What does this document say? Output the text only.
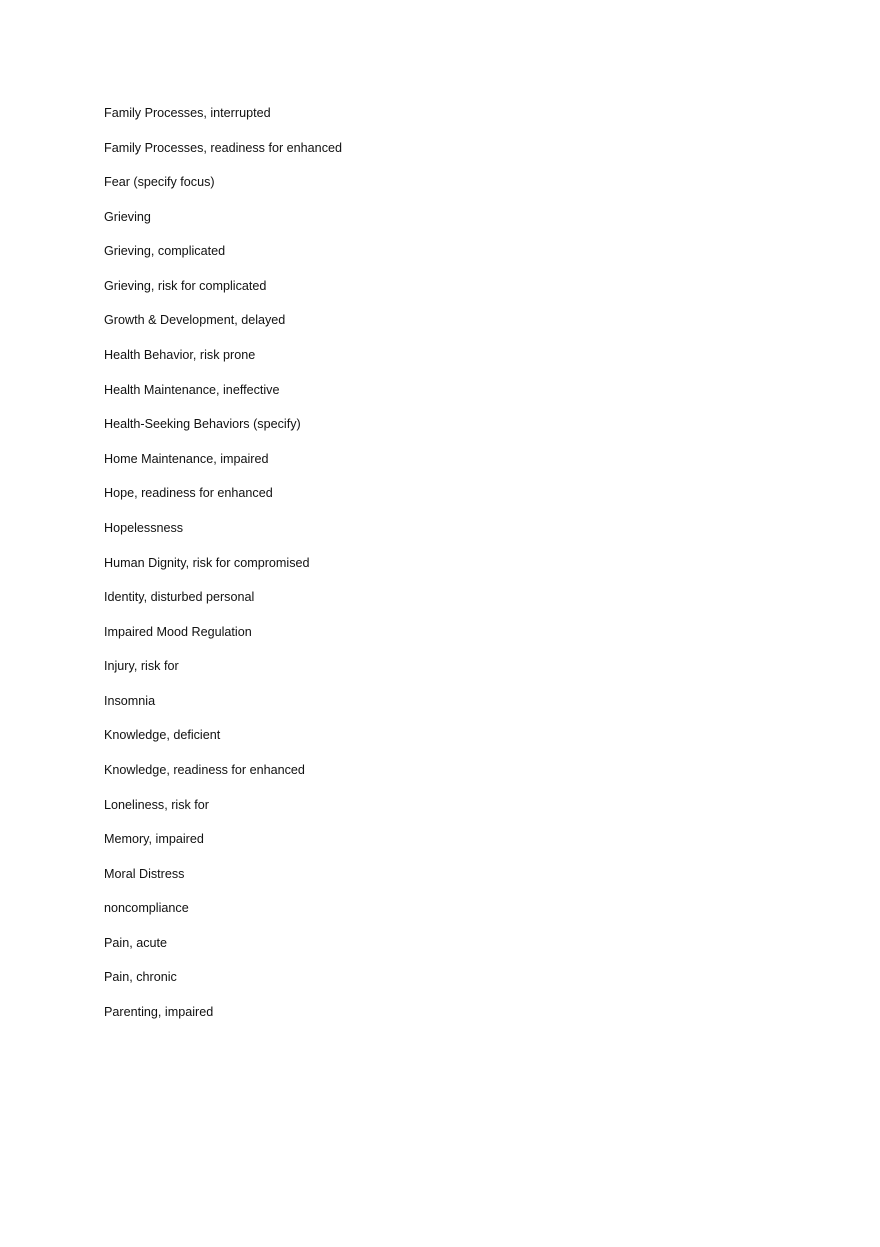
Family Processes, interrupted
Family Processes, readiness for enhanced
Fear (specify focus)
Grieving
Grieving, complicated
Grieving, risk for complicated
Growth & Development, delayed
Health Behavior, risk prone
Health Maintenance, ineffective
Health-Seeking Behaviors (specify)
Home Maintenance, impaired
Hope, readiness for enhanced
Hopelessness
Human Dignity, risk for compromised
Identity, disturbed personal
Impaired Mood Regulation
Injury, risk for
Insomnia
Knowledge, deficient
Knowledge, readiness for enhanced
Loneliness, risk for
Memory, impaired
Moral Distress
noncompliance
Pain, acute
Pain, chronic
Parenting, impaired
